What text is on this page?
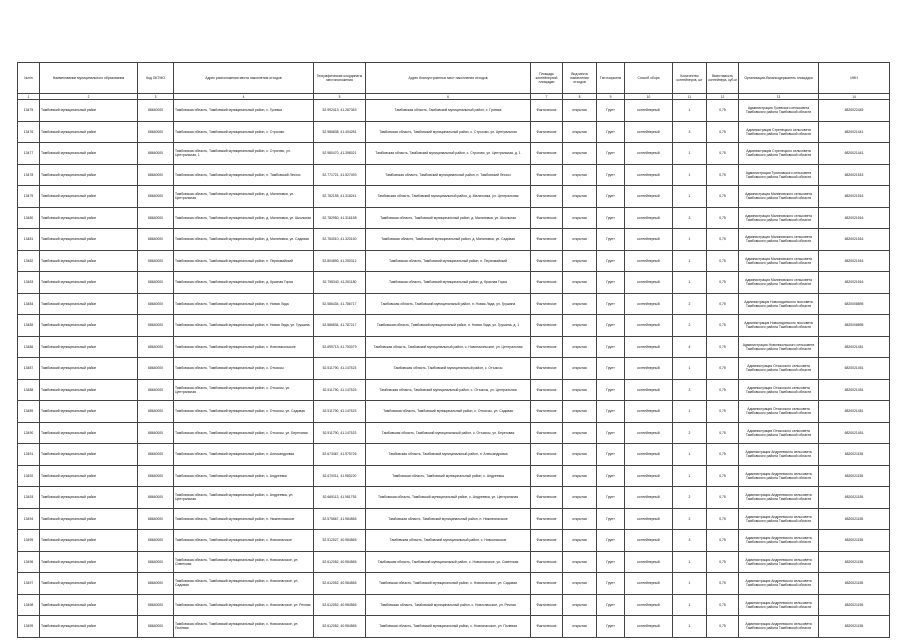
№п/п	Наименование муниципального образования	Код ОКТМО	Адрес расположения места накопления отходов	Географические координаты местоположения	Адрес благоустроенных мест накопления отходов	Площадь контейнерной площадки	Вид места накопления отходов	Тип покрытия	Способ сбора	Количество контейнеров, шт	Вместимость контейнера, куб.м	Организация-балансодержатель площадки	ИНН
1	2	3	4	5	6	7	8	9	10	11	12	13	14
13475	Тамбовский муниципальный район	68640000	Тамбовская область, Тамбовский муниципальный район, с. Гусевка	52.992413, 41.287363	Тамбовская область, Тамбовский муниципальный район, с. Гусевка	Фактическое	открытая	Грунт	контейнерный	1	0,75	Администрация Гусевского сельсовета Тамбовского района Тамбовской области	6820022445
13476	Тамбовский муниципальный район	68640000	Тамбовская область, Тамбовский муниципальный район, с. Строгово	52.986838, 41.404281	Тамбовская область, Тамбовский муниципальный район, с. Строгово, ул. Центральная	Фактическое	открытая	Грунт	контейнерный	3	0,75	Администрация Стрелецкого сельсовета Тамбовского района Тамбовской области	6820021441
13477	Тамбовский муниципальный район	68640000	Тамбовская область, Тамбовский муниципальный район, с. Строгово, ул. Центральная, 1	52.980470, 41.398021	Тамбовская область, Тамбовский муниципальный район, с. Строгово, ул. Центральная, д. 1	Фактическое	открытая	Грунт	контейнерный	1	0,75	Администрация Стрелецкого сельсовета Тамбовского района Тамбовской области	6820021441
13478	Тамбовский муниципальный район	68640000	Тамбовская область, Тамбовский муниципальный район, п. Тамбовский Лесхоз	52.771721, 41.527493	Тамбовская область, Тамбовский муниципальный район, п. Тамбовский Лесхоз	Фактическое	открытая	Грунт	контейнерный	1	0,75	Администрация Тулиновского сельсовета Тамбовского района Тамбовской области	6820021515
13479	Тамбовский муниципальный район	68640000	Тамбовская область, Тамбовский муниципальный район, д. Малиновка, ул. Центральная	52.782155, 41.318241	Тамбовская область, Тамбовский муниципальный район, д. Малиновка, ул. Центральная	Фактическое	открытая	Грунт	контейнерный	1	0,75	Администрация Малиновского сельсовета Тамбовского района Тамбовской области	6820021516
13480	Тамбовский муниципальный район	68640000	Тамбовская область, Тамбовский муниципальный район, д. Малиновка, ул. Школьная	52.782950, 41.316158	Тамбовская область, Тамбовский муниципальный район, д. Малиновка, ул. Школьная	Фактическое	открытая	Грунт	контейнерный	3	0,75	Администрация Малиновского сельсовета Тамбовского района Тамбовской области	6820021516
13481	Тамбовский муниципальный район	68640000	Тамбовская область, Тамбовский муниципальный район, д. Малиновка, ул. Садовая	52.784010, 41.320150	Тамбовская область, Тамбовский муниципальный район, д. Малиновка, ул. Садовая	Фактическое	открытая	Грунт	контейнерный	1	0,75	Администрация Малиновского сельсовета Тамбовского района Тамбовской области	6820021516
13482	Тамбовский муниципальный район	68640000	Тамбовская область, Тамбовский муниципальный район, п. Первомайский	52.804890, 41.250312	Тамбовская область, Тамбовский муниципальный район, п. Первомайский	Фактическое	открытая	Грунт	контейнерный	1	0,75	Администрация Малиновского сельсовета Тамбовского района Тамбовской области	6820021516
13483	Тамбовский муниципальный район	68640000	Тамбовская область, Тамбовский муниципальный район, д. Красная Горка	52.798340, 41.261180	Тамбовская область, Тамбовский муниципальный район, д. Красная Горка	Фактическое	открытая	Грунт	контейнерный	1	0,75	Администрация Малиновского сельсовета Тамбовского района Тамбовской области	6820021516
13484	Тамбовский муниципальный район	68640000	Тамбовская область, Тамбовский муниципальный район, п. Новая Ляда	52.586434, 41.786717	Тамбовская область, Тамбовский муниципальный район, п. Новая Ляда, ул. Грушина	Фактическое	открытая	Грунт	контейнерный	2	0,75	Администрация Новолядинского поссовета Тамбовского района Тамбовской области	6820008895
13485	Тамбовский муниципальный район	68640000	Тамбовская область, Тамбовский муниципальный район, п. Новая Ляда, ул. Грушина	52.586834, 41.787217	Тамбовская область, Тамбовский муниципальный район, п. Новая Ляда, ул. Грушина, д. 1	Фактическое	открытая	Грунт	контейнерный	2	0,75	Администрация Новолядинского поссовета Тамбовского района Тамбовской области	6820008895
13486	Тамбовский муниципальный район	68640000	Тамбовская область, Тамбовский муниципальный район, с. Новоникольское	52.699713, 41.753079	Тамбовская область, Тамбовский муниципальный район, с. Новоникольское, ул. Центральная	Фактическое	открытая	Грунт	контейнерный	4	0,75	Администрация Новоникольского сельсовета Тамбовского района Тамбовской области	6820021451
13487	Тамбовский муниципальный район	68640000	Тамбовская область, Тамбовский муниципальный район, с. Отъяссы	52.511790, 41.147523	Тамбовская область, Тамбовский муниципальный район, с. Отъяссы	Фактическое	открытая	Грунт	контейнерный	1	0,75	Администрация Отъясского сельсовета Тамбовского района Тамбовской области	6820021451
13488	Тамбовский муниципальный район	68640000	Тамбовская область, Тамбовский муниципальный район, с. Отъяссы, ул. Центральная	52.511790, 41.147523	Тамбовская область, Тамбовский муниципальный район, с. Отъяссы, ул. Центральная	Фактическое	открытая	Грунт	контейнерный	3	0,75	Администрация Отъясского сельсовета Тамбовского района Тамбовской области	6820021451
13489	Тамбовский муниципальный район	68640000	Тамбовская область, Тамбовский муниципальный район, с. Отъяссы, ул. Садовая	52.511790, 41.147523	Тамбовская область, Тамбовский муниципальный район, с. Отъяссы, ул. Садовая	Фактическое	открытая	Грунт	контейнерный	1	0,75	Администрация Отъясского сельсовета Тамбовского района Тамбовской области	6820021451
13490	Тамбовский муниципальный район	68640000	Тамбовская область, Тамбовский муниципальный район, с. Отъяссы, ул. Береговая	52.511790, 41.147523	Тамбовская область, Тамбовский муниципальный район, с. Отъяссы, ул. Береговая	Фактическое	открытая	Грунт	контейнерный	2	0,75	Администрация Отъясского сельсовета Тамбовского района Тамбовской области	6820021451
13491	Тамбовский муниципальный район	68640000	Тамбовская область, Тамбовский муниципальный район, п. Александровка	52.673467, 41.975726	Тамбовская область, Тамбовский муниципальный район, п. Александровка	Фактическое	открытая	Грунт	контейнерный	1	0,75	Администрация Андреевского сельсовета Тамбовского района Тамбовской области	6820021155
13492	Тамбовский муниципальный район	68640000	Тамбовская область, Тамбовский муниципальный район, с. Андреевка	52.670011, 41.980220	Тамбовская область, Тамбовский муниципальный район, с. Андреевка	Фактическое	открытая	Грунт	контейнерный	1	0,75	Администрация Андреевского сельсовета Тамбовского района Тамбовской области	6820021155
13493	Тамбовский муниципальный район	68640000	Тамбовская область, Тамбовский муниципальный район, с. Андреевка, ул. Центральная	52.669113, 41.981753	Тамбовская область, Тамбовский муниципальный район, с. Андреевка, ул. Центральная	Фактическое	открытая	Грунт	контейнерный	2	0,75	Администрация Андреевского сельсовета Тамбовского района Тамбовской области	6820021155
13494	Тамбовский муниципальный район	68640000	Тамбовская область, Тамбовский муниципальный район, п. Нижнеспасское	52.575667, 41.984565	Тамбовская область, Тамбовский муниципальный район, п. Нижнеспасское	Фактическое	открытая	Грунт	контейнерный	2	0,75	Администрация Андреевского сельсовета Тамбовского района Тамбовской области	6820021155
13495	Тамбовский муниципальный район	68640000	Тамбовская область, Тамбовский муниципальный район, с. Новоспасское	52.512527, 40.984565	Тамбовская область, Тамбовский муниципальный район, с. Новоспасское	Фактическое	открытая	Грунт	контейнерный	3	0,75	Администрация Андреевского сельсовета Тамбовского района Тамбовской области	6820021155
13496	Тамбовский муниципальный район	68640000	Тамбовская область, Тамбовский муниципальный район, с. Новоспасское, ул. Советская	52.612052, 40.984565	Тамбовская область, Тамбовский муниципальный район, с. Новоспасское, ул. Советская	Фактическое	открытая	Грунт	контейнерный	1	0,75	Администрация Андреевского сельсовета Тамбовского района Тамбовской области	6820021155
13497	Тамбовский муниципальный район	68640000	Тамбовская область, Тамбовский муниципальный район, с. Новоспасское, ул. Садовая	52.612052, 40.984565	Тамбовская область, Тамбовский муниципальный район, с. Новоспасское, ул. Садовая	Фактическое	открытая	Грунт	контейнерный	1	0,75	Администрация Андреевского сельсовета Тамбовского района Тамбовской области	6820021155
13498	Тамбовский муниципальный район	68640000	Тамбовская область, Тамбовский муниципальный район, с. Новоспасское, ул. Речная	52.612052, 40.984565	Тамбовская область, Тамбовский муниципальный район, с. Новоспасское, ул. Речная	Фактическое	открытая	Грунт	контейнерный	1	0,75	Администрация Андреевского сельсовета Тамбовского района Тамбовской области	6820021155
13499	Тамбовский муниципальный район	68640000	Тамбовская область, Тамбовский муниципальный район, с. Новоспасское, ул. Полевая	52.612052, 40.984565	Тамбовская область, Тамбовский муниципальный район, с. Новоспасское, ул. Полевая	Фактическое	открытая	Грунт	контейнерный	1	0,75	Администрация Андреевского сельсовета Тамбовского района Тамбовской области	6820021155
